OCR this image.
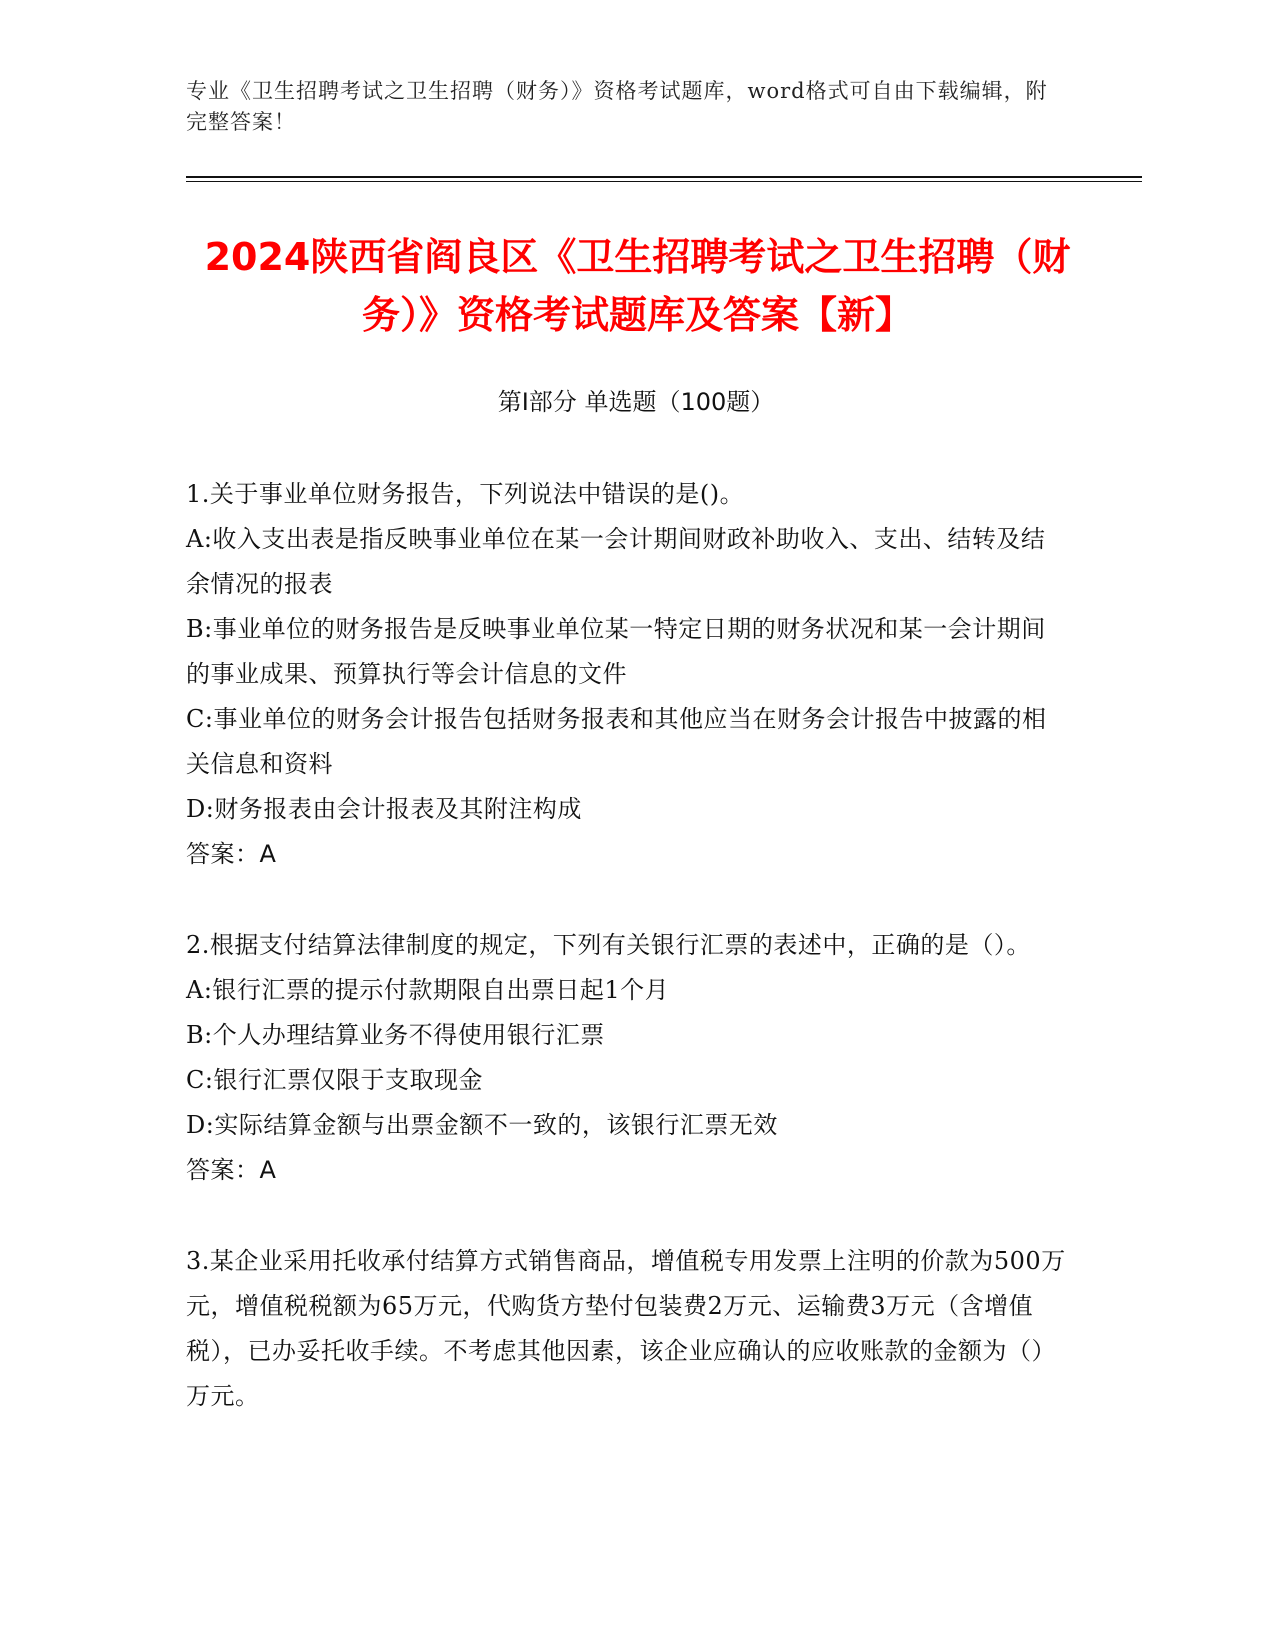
专业《卫生招聘考试之卫生招聘（财务）》资格考试题库，word格式可自由下载编辑，附完整答案！
2024陕西省阎良区《卫生招聘考试之卫生招聘（财务）》资格考试题库及答案【新】
第I部分 单选题（100题）

1.关于事业单位财务报告，下列说法中错误的是()。

A:收入支出表是指反映事业单位在某一会计期间财政补助收入、支出、结转及结余情况的报表

B:事业单位的财务报告是反映事业单位某一特定日期的财务状况和某一会计期间的事业成果、预算执行等会计信息的文件

C:事业单位的财务会计报告包括财务报表和其他应当在财务会计报告中披露的相关信息和资料

D:财务报表由会计报表及其附注构成

答案：A

2.根据支付结算法律制度的规定，下列有关银行汇票的表述中，正确的是（）。

A:银行汇票的提示付款期限自出票日起1个月

B:个人办理结算业务不得使用银行汇票

C:银行汇票仅限于支取现金

D:实际结算金额与出票金额不一致的，该银行汇票无效

答案：A

3.某企业采用托收承付结算方式销售商品，增值税专用发票上注明的价款为500万元，增值税税额为65万元，代购货方垫付包装费2万元、运输费3万元（含增值税），已办妥托收手续。不考虑其他因素，该企业应确认的应收账款的金额为（）万元。
